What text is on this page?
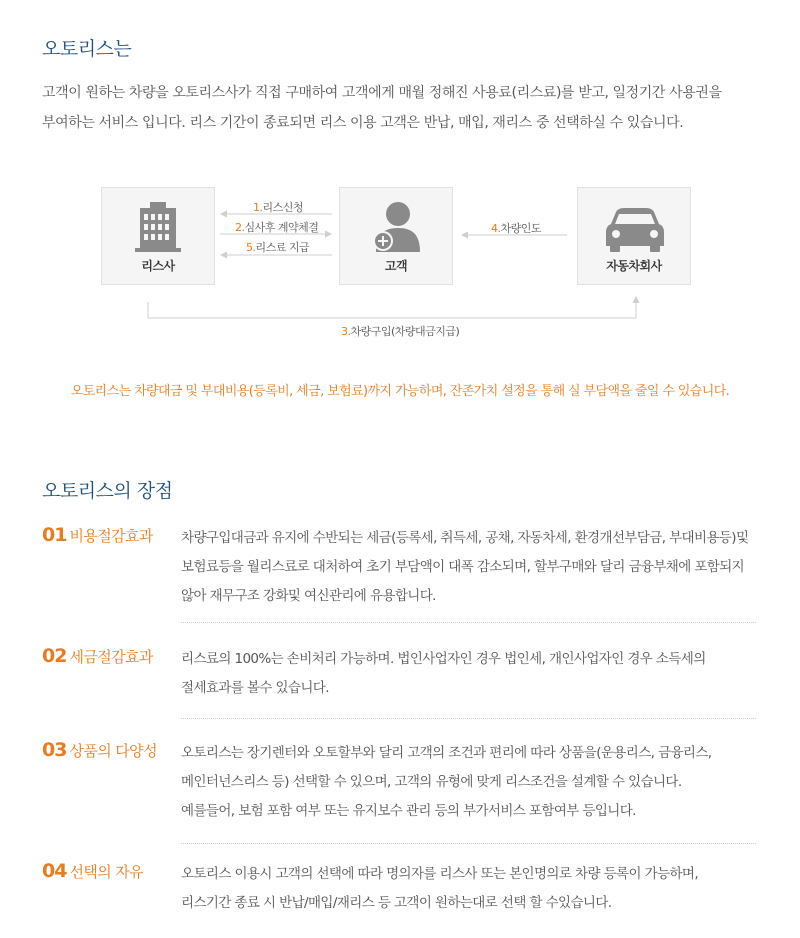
오토리스는
고객이 원하는 차량을 오토리스사가 직접 구매하여 고객에게 매월 정해진 사용료(리스료)를 받고, 일정기간 사용권을
부여하는 서비스 입니다. 리스 기간이 종료되면 리스 이용 고객은 반납, 매입, 재리스 중 선택하실 수 있습니다.
리스사	고객	자동차회사
1.리스신청
2.심사후 계약체결
5.리스료 지급
4.차량인도
3.차량구입(차량대금지급)
오토리스는 차량대금 및 부대비용(등록비, 세금, 보험료)까지 가능하며, 잔존가치 설정을 통해 실 부담액을 줄일 수 있습니다.
오토리스의 장점
01 비용절감효과 차량구입대금과 유지에 수반되는 세금(등록세, 취득세, 공채, 자동차세, 환경개선부담금, 부대비용등)및
보험료등을 월리스료로 대처하여 초기 부담액이 대폭 감소되며, 할부구매와 달리 금융부채에 포함되지
않아 재무구조 강화및 여신관리에 유용합니다.
02 세금절감효과 리스료의 100%는 손비처리 가능하며. 법인사업자인 경우 법인세, 개인사업자인 경우 소득세의
절세효과를 볼수 있습니다.
03 상품의 다양성 오토리스는 장기렌터와 오토할부와 달리 고객의 조건과 편리에 따라 상품을(운용리스, 금융리스,
메인터넌스리스 등) 선택할 수 있으며, 고객의 유형에 맞게 리스조건을 설계할 수 있습니다.
예를들어, 보험 포함 여부 또는 유지보수 관리 등의 부가서비스 포함여부 등입니다.
04 선택의 자유	오토리스 이용시 고객의 선택에 따라 명의자를 리스사 또는 본인명의로 차량 등록이 가능하며,
리스기간 종료 시 반납/매입/재리스 등 고객이 원하는대로 선택 할 수있습니다.
